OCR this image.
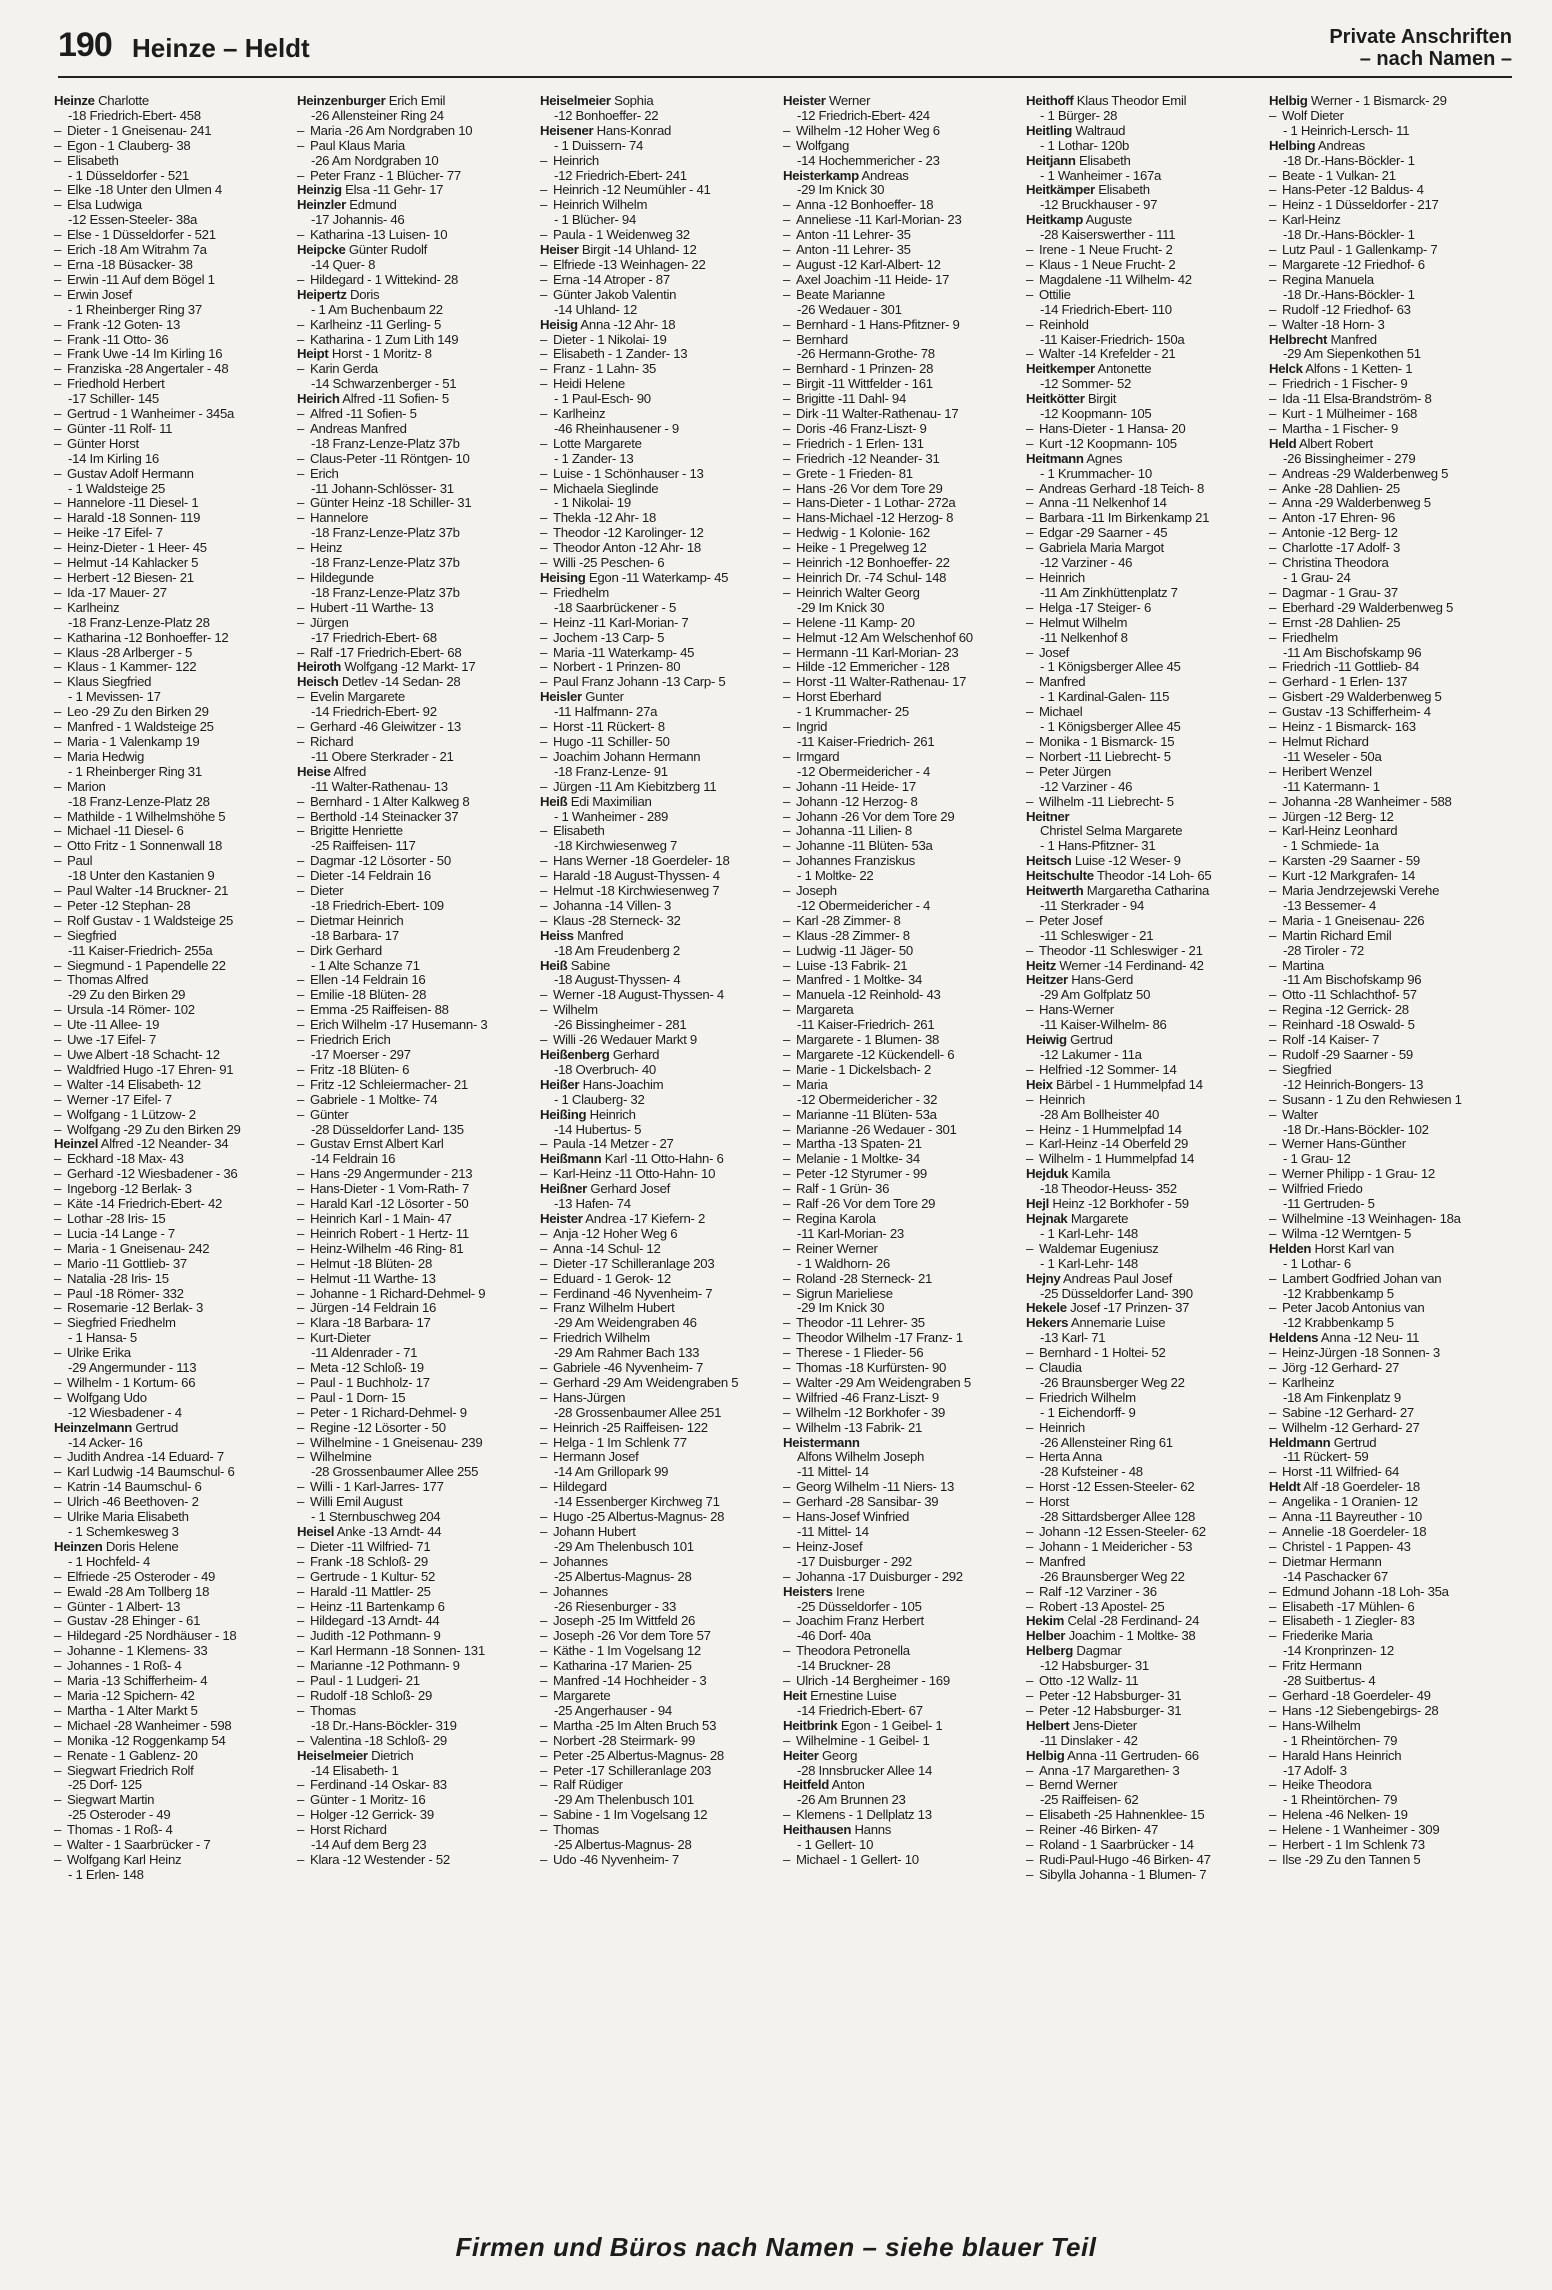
190 Heinze – Heldt	Private Anschriften
– nach Namen –
Heinze Charlotte
-18 Friedrich-Ebert- 458
– Dieter - 1 Gneisenau- 241
– Egon - 1 Clauberg- 38
– Elisabeth
- 1 Düsseldorfer - 521
– Elke -18 Unter den Ulmen 4
– Elsa Ludwiga
-12 Essen-Steeler- 38a
– Else - 1 Düsseldorfer - 521
– Erich -18 Am Witrahm 7a
– Erna -18 Büsacker- 38
– Erwin -11 Auf dem Bögel 1
– Erwin Josef
- 1 Rheinberger Ring 37
– Frank -12 Goten- 13
– Frank -11 Otto- 36
– Frank Uwe -14 Im Kirling 16
– Franziska -28 Angertaler - 48
– Friedhold Herbert
-17 Schiller- 145
– Gertrud - 1 Wanheimer - 345a
– Günter -11 Rolf- 11
– Günter Horst
-14 Im Kirling 16
– Gustav Adolf Hermann
- 1 Waldsteige 25
– Hannelore -11 Diesel- 1
– Harald -18 Sonnen- 119
– Heike -17 Eifel- 7
– Heinz-Dieter - 1 Heer- 45
– Helmut -14 Kahlacker 5
– Herbert -12 Biesen- 21
– Ida -17 Mauer- 27
– Karlheinz
-18 Franz-Lenze-Platz 28
– Katharina -12 Bonhoeffer- 12
– Klaus -28 Arlberger - 5
– Klaus - 1 Kammer- 122
– Klaus Siegfried
- 1 Mevissen- 17
– Leo -29 Zu den Birken 29
– Manfred - 1 Waldsteige 25
– Maria - 1 Valenkamp 19
– Maria Hedwig
- 1 Rheinberger Ring 31
– Marion
-18 Franz-Lenze-Platz 28
– Mathilde - 1 Wilhelmshöhe 5
– Michael -11 Diesel- 6
– Otto Fritz - 1 Sonnenwall 18
– Paul
-18 Unter den Kastanien 9
– Paul Walter -14 Bruckner- 21
– Peter -12 Stephan- 28
– Rolf Gustav - 1 Waldsteige 25
– Siegfried
-11 Kaiser-Friedrich- 255a
– Siegmund - 1 Papendelle 22
– Thomas Alfred
-29 Zu den Birken 29
– Ursula -14 Römer- 102
– Ute -11 Allee- 19
– Uwe -17 Eifel- 7
– Uwe Albert -18 Schacht- 12
– Waldfried Hugo -17 Ehren- 91
– Walter -14 Elisabeth- 12
– Werner -17 Eifel- 7
– Wolfgang - 1 Lützow- 2
– Wolfgang -29 Zu den Birken 29
Heinzel Alfred -12 Neander- 34
– Eckhard -18 Max- 43
– Gerhard -12 Wiesbadener - 36
– Ingeborg -12 Berlak- 3
– Käte -14 Friedrich-Ebert- 42
– Lothar -28 Iris- 15
– Lucia -14 Lange - 7
– Maria - 1 Gneisenau- 242
– Mario -11 Gottlieb- 37
– Natalia -28 Iris- 15
– Paul -18 Römer- 332
– Rosemarie -12 Berlak- 3
– Siegfried Friedhelm
- 1 Hansa- 5
– Ulrike Erika
-29 Angermunder - 113
– Wilhelm - 1 Kortum- 66
– Wolfgang Udo
-12 Wiesbadener - 4
Heinzelmann Gertrud
-14 Acker- 16
– Judith Andrea -14 Eduard- 7
– Karl Ludwig -14 Baumschul- 6
– Katrin -14 Baumschul- 6
– Ulrich -46 Beethoven- 2
– Ulrike Maria Elisabeth
- 1 Schemkesweg 3
Heinzen Doris Helene
- 1 Hochfeld- 4
– Elfriede -25 Osteroder - 49
– Ewald -28 Am Tollberg 18
– Günter - 1 Albert- 13
– Gustav -28 Ehinger - 61
– Hildegard -25 Nordhäuser - 18
– Johanne - 1 Klemens- 33
– Johannes - 1 Roß- 4
– Maria -13 Schifferheim- 4
– Maria -12 Spichern- 42
– Martha - 1 Alter Markt 5
– Michael -28 Wanheimer - 598
– Monika -12 Roggenkamp 54
– Renate - 1 Gablenz- 20
– Siegwart Friedrich Rolf
-25 Dorf- 125
– Siegwart Martin
-25 Osteroder - 49
– Thomas - 1 Roß- 4
– Walter - 1 Saarbrücker - 7
– Wolfgang Karl Heinz
- 1 Erlen- 148
Heinzenburger Erich Emil
-26 Allensteiner Ring 24
– Maria -26 Am Nordgraben 10
– Paul Klaus Maria
-26 Am Nordgraben 10
– Peter Franz - 1 Blücher- 77
Heinzig Elsa -11 Gehr- 17
Heinzler Edmund
-17 Johannis- 46
– Katharina -13 Luisen- 10
Heipcke Günter Rudolf
-14 Quer- 8
– Hildegard - 1 Wittekind- 28
Heipertz Doris
- 1 Am Buchenbaum 22
– Karlheinz -11 Gerling- 5
– Katharina - 1 Zum Lith 149
Heipt Horst - 1 Moritz- 8
– Karin Gerda
-14 Schwarzenberger - 51
Heirich Alfred -11 Sofien- 5
– Alfred -11 Sofien- 5
– Andreas Manfred
-18 Franz-Lenze-Platz 37b
– Claus-Peter -11 Röntgen- 10
– Erich
-11 Johann-Schlösser- 31
– Günter Heinz -18 Schiller- 31
– Hannelore
-18 Franz-Lenze-Platz 37b
– Heinz
-18 Franz-Lenze-Platz 37b
– Hildegunde
-18 Franz-Lenze-Platz 37b
– Hubert -11 Warthe- 13
– Jürgen
-17 Friedrich-Ebert- 68
– Ralf -17 Friedrich-Ebert- 68
Heiroth Wolfgang -12 Markt- 17
Heisch Detlev -14 Sedan- 28
– Evelin Margarete
-14 Friedrich-Ebert- 92
– Gerhard -46 Gleiwitzer - 13
– Richard
-11 Obere Sterkrader - 21
Heise Alfred
-11 Walter-Rathenau- 13
– Bernhard - 1 Alter Kalkweg 8
– Berthold -14 Steinacker 37
– Brigitte Henriette
-25 Raiffeisen- 117
– Dagmar -12 Lösorter - 50
– Dieter -14 Feldrain 16
– Dieter
-18 Friedrich-Ebert- 109
– Dietmar Heinrich
-18 Barbara- 17
– Dirk Gerhard
- 1 Alte Schanze 71
– Ellen -14 Feldrain 16
– Emilie -18 Blüten- 28
– Emma -25 Raiffeisen- 88
– Erich Wilhelm -17 Husemann- 3
– Friedrich Erich
-17 Moerser - 297
– Fritz -18 Blüten- 6
– Fritz -12 Schleiermacher- 21
– Gabriele - 1 Moltke- 74
– Günter
-28 Düsseldorfer Land- 135
– Gustav Ernst Albert Karl
-14 Feldrain 16
– Hans -29 Angermunder - 213
– Hans-Dieter - 1 Vom-Rath- 7
– Harald Karl -12 Lösorter - 50
– Heinrich Karl - 1 Main- 47
– Heinrich Robert - 1 Hertz- 11
– Heinz-Wilhelm -46 Ring- 81
– Helmut -18 Blüten- 28
– Helmut -11 Warthe- 13
– Johanne - 1 Richard-Dehmel- 9
– Jürgen -14 Feldrain 16
– Klara -18 Barbara- 17
– Kurt-Dieter
-11 Aldenrader - 71
– Meta -12 Schloß- 19
– Paul - 1 Buchholz- 17
– Paul - 1 Dorn- 15
– Peter - 1 Richard-Dehmel- 9
– Regine -12 Lösorter - 50
– Wilhelmine - 1 Gneisenau- 239
– Wilhelmine
-28 Grossenbaumer Allee 255
– Willi - 1 Karl-Jarres- 177
– Willi Emil August
- 1 Sternbuschweg 204
Heisel Anke -13 Arndt- 44
– Dieter -11 Wilfried- 71
– Frank -18 Schloß- 29
– Gertrude - 1 Kultur- 52
– Harald -11 Mattler- 25
– Heinz -11 Bartenkamp 6
– Hildegard -13 Arndt- 44
– Judith -12 Pothmann- 9
– Karl Hermann -18 Sonnen- 131
– Marianne -12 Pothmann- 9
– Paul - 1 Ludgeri- 21
– Rudolf -18 Schloß- 29
– Thomas
-18 Dr.-Hans-Böckler- 319
– Valentina -18 Schloß- 29
Heiselmeier Dietrich
-14 Elisabeth- 1
– Ferdinand -14 Oskar- 83
– Günter - 1 Moritz- 16
– Holger -12 Gerrick- 39
– Horst Richard
-14 Auf dem Berg 23
– Klara -12 Westender - 52
Heiselmeier Sophia
-12 Bonhoeffer- 22
Heisener Hans-Konrad
- 1 Duissern- 74
– Heinrich
-12 Friedrich-Ebert- 241
– Heinrich -12 Neumühler - 41
– Heinrich Wilhelm
- 1 Blücher- 94
– Paula - 1 Weidenweg 32
Heiser Birgit -14 Uhland- 12
– Elfriede -13 Weinhagen- 22
– Erna -14 Atroper - 87
– Günter Jakob Valentin
-14 Uhland- 12
Heisig Anna -12 Ahr- 18
– Dieter - 1 Nikolai- 19
– Elisabeth - 1 Zander- 13
– Franz - 1 Lahn- 35
– Heidi Helene
- 1 Paul-Esch- 90
– Karlheinz
-46 Rheinhausener - 9
– Lotte Margarete
- 1 Zander- 13
– Luise - 1 Schönhauser - 13
– Michaela Sieglinde
- 1 Nikolai- 19
– Thekla -12 Ahr- 18
– Theodor -12 Karolinger- 12
– Theodor Anton -12 Ahr- 18
– Willi -25 Peschen- 6
Heising Egon -11 Waterkamp- 45
– Friedhelm
-18 Saarbrückener - 5
– Heinz -11 Karl-Morian- 7
– Jochem -13 Carp- 5
– Maria -11 Waterkamp- 45
– Norbert - 1 Prinzen- 80
– Paul Franz Johann -13 Carp- 5
Heisler Gunter
-11 Halfmann- 27a
– Horst -11 Rückert- 8
– Hugo -11 Schiller- 50
– Joachim Johann Hermann
-18 Franz-Lenze- 91
– Jürgen -11 Am Kiebitzberg 11
Heiß Edi Maximilian
- 1 Wanheimer - 289
– Elisabeth
-18 Kirchwiesenweg 7
– Hans Werner -18 Goerdeler- 18
– Harald -18 August-Thyssen- 4
– Helmut -18 Kirchwiesenweg 7
– Johanna -14 Villen- 3
– Klaus -28 Sterneck- 32
Heiss Manfred
-18 Am Freudenberg 2
Heiß Sabine
-18 August-Thyssen- 4
– Werner -18 August-Thyssen- 4
– Wilhelm
-26 Bissingheimer - 281
– Willi -26 Wedauer Markt 9
Heißenberg Gerhard
-18 Overbruch- 40
Heißer Hans-Joachim
- 1 Clauberg- 32
Heißing Heinrich
-14 Hubertus- 5
– Paula -14 Metzer - 27
Heißmann Karl -11 Otto-Hahn- 6
– Karl-Heinz -11 Otto-Hahn- 10
Heißner Gerhard Josef
-13 Hafen- 74
Heister Andrea -17 Kiefern- 2
– Anja -12 Hoher Weg 6
– Anna -14 Schul- 12
– Dieter -17 Schilleranlage 203
– Eduard - 1 Gerok- 12
– Ferdinand -46 Nyvenheim- 7
– Franz Wilhelm Hubert
-29 Am Weidengraben 46
– Friedrich Wilhelm
-29 Am Rahmer Bach 133
– Gabriele -46 Nyvenheim- 7
– Gerhard -29 Am Weidengraben 5
– Hans-Jürgen
-28 Grossenbaumer Allee 251
– Heinrich -25 Raiffeisen- 122
– Helga - 1 Im Schlenk 77
– Hermann Josef
-14 Am Grillopark 99
– Hildegard
-14 Essenberger Kirchweg 71
– Hugo -25 Albertus-Magnus- 28
– Johann Hubert
-29 Am Thelenbusch 101
– Johannes
-25 Albertus-Magnus- 28
– Johannes
-26 Riesenburger - 33
– Joseph -25 Im Wittfeld 26
– Joseph -26 Vor dem Tore 57
– Käthe - 1 Im Vogelsang 12
– Katharina -17 Marien- 25
– Manfred -14 Hochheider - 3
– Margarete
-25 Angerhauser - 94
– Martha -25 Im Alten Bruch 53
– Norbert -28 Steirmark- 99
– Peter -25 Albertus-Magnus- 28
– Peter -17 Schilleranlage 203
– Ralf Rüdiger
-29 Am Thelenbusch 101
– Sabine - 1 Im Vogelsang 12
– Thomas
-25 Albertus-Magnus- 28
– Udo -46 Nyvenheim- 7
Heister Werner
-12 Friedrich-Ebert- 424
– Wilhelm -12 Hoher Weg 6
– Wolfgang
-14 Hochemmericher - 23
Heisterkamp Andreas
-29 Im Knick 30
– Anna -12 Bonhoeffer- 18
– Anneliese -11 Karl-Morian- 23
– Anton -11 Lehrer- 35
– Anton -11 Lehrer- 35
– August -12 Karl-Albert- 12
– Axel Joachim -11 Heide- 17
– Beate Marianne
-26 Wedauer - 301
– Bernhard - 1 Hans-Pfitzner- 9
– Bernhard
-26 Hermann-Grothe- 78
– Bernhard - 1 Prinzen- 28
– Birgit -11 Wittfelder - 161
– Brigitte -11 Dahl- 94
– Dirk -11 Walter-Rathenau- 17
– Doris -46 Franz-Liszt- 9
– Friedrich - 1 Erlen- 131
– Friedrich -12 Neander- 31
– Grete - 1 Frieden- 81
– Hans -26 Vor dem Tore 29
– Hans-Dieter - 1 Lothar- 272a
– Hans-Michael -12 Herzog- 8
– Hedwig - 1 Kolonie- 162
– Heike - 1 Pregelweg 12
– Heinrich -12 Bonhoeffer- 22
– Heinrich Dr. -74 Schul- 148
– Heinrich Walter Georg
-29 Im Knick 30
– Helene -11 Kamp- 20
– Helmut -12 Am Welschenhof 60
– Hermann -11 Karl-Morian- 23
– Hilde -12 Emmericher - 128
– Horst -11 Walter-Rathenau- 17
– Horst Eberhard
- 1 Krummacher- 25
– Ingrid
-11 Kaiser-Friedrich- 261
– Irmgard
-12 Obermeidericher - 4
– Johann -11 Heide- 17
– Johann -12 Herzog- 8
– Johann -26 Vor dem Tore 29
– Johanna -11 Lilien- 8
– Johanne -11 Blüten- 53a
– Johannes Franziskus
- 1 Moltke- 22
– Joseph
-12 Obermeidericher - 4
– Karl -28 Zimmer- 8
– Klaus -28 Zimmer- 8
– Ludwig -11 Jäger- 50
– Luise -13 Fabrik- 21
– Manfred - 1 Moltke- 34
– Manuela -12 Reinhold- 43
– Margareta
-11 Kaiser-Friedrich- 261
– Margarete - 1 Blumen- 38
– Margarete -12 Kückendell- 6
– Marie - 1 Dickelsbach- 2
– Maria
-12 Obermeidericher - 32
– Marianne -11 Blüten- 53a
– Marianne -26 Wedauer - 301
– Martha -13 Spaten- 21
– Melanie - 1 Moltke- 34
– Peter -12 Styrumer - 99
– Ralf - 1 Grün- 36
– Ralf -26 Vor dem Tore 29
– Regina Karola
-11 Karl-Morian- 23
– Reiner Werner
- 1 Waldhorn- 26
– Roland -28 Sterneck- 21
– Sigrun Marieliese
-29 Im Knick 30
– Theodor -11 Lehrer- 35
– Theodor Wilhelm -17 Franz- 1
– Therese - 1 Flieder- 56
– Thomas -18 Kurfürsten- 90
– Walter -29 Am Weidengraben 5
– Wilfried -46 Franz-Liszt- 9
– Wilhelm -12 Borkhofer - 39
– Wilhelm -13 Fabrik- 21
Heistermann
Alfons Wilhelm Joseph
-11 Mittel- 14
– Georg Wilhelm -11 Niers- 13
– Gerhard -28 Sansibar- 39
– Hans-Josef Winfried
-11 Mittel- 14
– Heinz-Josef
-17 Duisburger - 292
– Johanna -17 Duisburger - 292
Heisters Irene
-25 Düsseldorfer - 105
– Joachim Franz Herbert
-46 Dorf- 40a
– Theodora Petronella
-14 Bruckner- 28
– Ulrich -14 Bergheimer - 169
Heit Ernestine Luise
-14 Friedrich-Ebert- 67
Heitbrink Egon - 1 Geibel- 1
– Wilhelmine - 1 Geibel- 1
Heiter Georg
-28 Innsbrucker Allee 14
Heitfeld Anton
-26 Am Brunnen 23
– Klemens - 1 Dellplatz 13
Heithausen Hanns
- 1 Gellert- 10
– Michael - 1 Gellert- 10
Heithoff Klaus Theodor Emil
- 1 Bürger- 28
Heitling Waltraud
- 1 Lothar- 120b
Heitjann Elisabeth
- 1 Wanheimer - 167a
Heitkämper Elisabeth
-12 Bruckhauser - 97
Heitkamp Auguste
-28 Kaiserswerther - 111
– Irene - 1 Neue Frucht- 2
– Klaus - 1 Neue Frucht- 2
– Magdalene -11 Wilhelm- 42
– Ottilie
-14 Friedrich-Ebert- 110
– Reinhold
-11 Kaiser-Friedrich- 150a
– Walter -14 Krefelder - 21
Heitkemper Antonette
-12 Sommer- 52
Heitkötter Birgit
-12 Koopmann- 105
– Hans-Dieter - 1 Hansa- 20
– Kurt -12 Koopmann- 105
Heitmann Agnes
- 1 Krummacher- 10
– Andreas Gerhard -18 Teich- 8
– Anna -11 Nelkenhof 14
– Barbara -11 Im Birkenkamp 21
– Edgar -29 Saarner - 45
– Gabriela Maria Margot
-12 Varziner - 46
– Heinrich
-11 Am Zinkhüttenplatz 7
– Helga -17 Steiger- 6
– Helmut Wilhelm
-11 Nelkenhof 8
– Josef
- 1 Königsberger Allee 45
– Manfred
- 1 Kardinal-Galen- 115
– Michael
- 1 Königsberger Allee 45
– Monika - 1 Bismarck- 15
– Norbert -11 Liebrecht- 5
– Peter Jürgen
-12 Varziner - 46
– Wilhelm -11 Liebrecht- 5
Heitner
Christel Selma Margarete
- 1 Hans-Pfitzner- 31
Heitsch Luise -12 Weser- 9
Heitschulte Theodor -14 Loh- 65
Heitwerth Margaretha Catharina
-11 Sterkrader - 94
– Peter Josef
-11 Schleswiger - 21
– Theodor -11 Schleswiger - 21
Heitz Werner -14 Ferdinand- 42
Heitzer Hans-Gerd
-29 Am Golfplatz 50
– Hans-Werner
-11 Kaiser-Wilhelm- 86
Heiwig Gertrud
-12 Lakumer - 11a
– Helfried -12 Sommer- 14
Heix Bärbel - 1 Hummelpfad 14
– Heinrich
-28 Am Bollheister 40
– Heinz - 1 Hummelpfad 14
– Karl-Heinz -14 Oberfeld 29
– Wilhelm - 1 Hummelpfad 14
Hejduk Kamila
-18 Theodor-Heuss- 352
Hejl Heinz -12 Borkhofer - 59
Hejnak Margarete
- 1 Karl-Lehr- 148
– Waldemar Eugeniusz
- 1 Karl-Lehr- 148
Hejny Andreas Paul Josef
-25 Düsseldorfer Land- 390
Hekele Josef -17 Prinzen- 37
Hekers Annemarie Luise
-13 Karl- 71
– Bernhard - 1 Holtei- 52
– Claudia
-26 Braunsberger Weg 22
– Friedrich Wilhelm
- 1 Eichendorff- 9
– Heinrich
-26 Allensteiner Ring 61
– Herta Anna
-28 Kufsteiner - 48
– Horst -12 Essen-Steeler- 62
– Horst
-28 Sittardsberger Allee 128
– Johann -12 Essen-Steeler- 62
– Johann - 1 Meidericher - 53
– Manfred
-26 Braunsberger Weg 22
– Ralf -12 Varziner - 36
– Robert -13 Apostel- 25
Hekim Celal -28 Ferdinand- 24
Helber Joachim - 1 Moltke- 38
Helberg Dagmar
-12 Habsburger- 31
– Otto -12 Wallz- 11
– Peter -12 Habsburger- 31
– Peter -12 Habsburger- 31
Helbert Jens-Dieter
-11 Dinslaker - 42
Helbig Anna -11 Gertruden- 66
– Anna -17 Margarethen- 3
– Bernd Werner
-25 Raiffeisen- 62
– Elisabeth -25 Hahnenklee- 15
– Reiner -46 Birken- 47
– Roland - 1 Saarbrücker - 14
– Rudi-Paul-Hugo -46 Birken- 47
– Sibylla Johanna - 1 Blumen- 7
Helbig Werner - 1 Bismarck- 29
– Wolf Dieter
- 1 Heinrich-Lersch- 11
Helbing Andreas
-18 Dr.-Hans-Böckler- 1
– Beate - 1 Vulkan- 21
– Hans-Peter -12 Baldus- 4
– Heinz - 1 Düsseldorfer - 217
– Karl-Heinz
-18 Dr.-Hans-Böckler- 1
– Lutz Paul - 1 Gallenkamp- 7
– Margarete -12 Friedhof- 6
– Regina Manuela
-18 Dr.-Hans-Böckler- 1
– Rudolf -12 Friedhof- 63
– Walter -18 Horn- 3
Helbrecht Manfred
-29 Am Siepenkothen 51
Helck Alfons - 1 Ketten- 1
– Friedrich - 1 Fischer- 9
– Ida -11 Elsa-Brandström- 8
– Kurt - 1 Mülheimer - 168
– Martha - 1 Fischer- 9
Held Albert Robert
-26 Bissingheimer - 279
– Andreas -29 Walderbenweg 5
– Anke -28 Dahlien- 25
– Anna -29 Walderbenweg 5
– Anton -17 Ehren- 96
– Antonie -12 Berg- 12
– Charlotte -17 Adolf- 3
– Christina Theodora
- 1 Grau- 24
– Dagmar - 1 Grau- 37
– Eberhard -29 Walderbenweg 5
– Ernst -28 Dahlien- 25
– Friedhelm
-11 Am Bischofskamp 96
– Friedrich -11 Gottlieb- 84
– Gerhard - 1 Erlen- 137
– Gisbert -29 Walderbenweg 5
– Gustav -13 Schifferheim- 4
– Heinz - 1 Bismarck- 163
– Helmut Richard
-11 Weseler - 50a
– Heribert Wenzel
-11 Katermann- 1
– Johanna -28 Wanheimer - 588
– Jürgen -12 Berg- 12
– Karl-Heinz Leonhard
- 1 Schmiede- 1a
– Karsten -29 Saarner - 59
– Kurt -12 Markgrafen- 14
– Maria Jendrzejewski Verehe
-13 Bessemer- 4
– Maria - 1 Gneisenau- 226
– Martin Richard Emil
-28 Tiroler - 72
– Martina
-11 Am Bischofskamp 96
– Otto -11 Schlachthof- 57
– Regina -12 Gerrick- 28
– Reinhard -18 Oswald- 5
– Rolf -14 Kaiser- 7
– Rudolf -29 Saarner - 59
– Siegfried
-12 Heinrich-Bongers- 13
– Susann - 1 Zu den Rehwiesen 1
– Walter
-18 Dr.-Hans-Böckler- 102
– Werner Hans-Günther
- 1 Grau- 12
– Werner Philipp - 1 Grau- 12
– Wilfried Friedo
-11 Gertruden- 5
– Wilhelmine -13 Weinhagen- 18a
– Wilma -12 Werntgen- 5
Helden Horst Karl van
- 1 Lothar- 6
– Lambert Godfried Johan van
-12 Krabbenkamp 5
– Peter Jacob Antonius van
-12 Krabbenkamp 5
Heldens Anna -12 Neu- 11
– Heinz-Jürgen -18 Sonnen- 3
– Jörg -12 Gerhard- 27
– Karlheinz
-18 Am Finkenplatz 9
– Sabine -12 Gerhard- 27
– Wilhelm -12 Gerhard- 27
Heldmann Gertrud
-11 Rückert- 59
– Horst -11 Wilfried- 64
Heldt Alf -18 Goerdeler- 18
– Angelika - 1 Oranien- 12
– Anna -11 Bayreuther - 10
– Annelie -18 Goerdeler- 18
– Christel - 1 Pappen- 43
– Dietmar Hermann
-14 Paschacker 67
– Edmund Johann -18 Loh- 35a
– Elisabeth -17 Mühlen- 6
– Elisabeth - 1 Ziegler- 83
– Friederike Maria
-14 Kronprinzen- 12
– Fritz Hermann
-28 Suitbertus- 4
– Gerhard -18 Goerdeler- 49
– Hans -12 Siebengebirgs- 28
– Hans-Wilhelm
- 1 Rheintörchen- 79
– Harald Hans Heinrich
-17 Adolf- 3
– Heike Theodora
- 1 Rheintörchen- 79
– Helena -46 Nelken- 19
– Helene - 1 Wanheimer - 309
– Herbert - 1 Im Schlenk 73
– Ilse -29 Zu den Tannen 5
Firmen und Büros nach Namen – siehe blauer Teil
